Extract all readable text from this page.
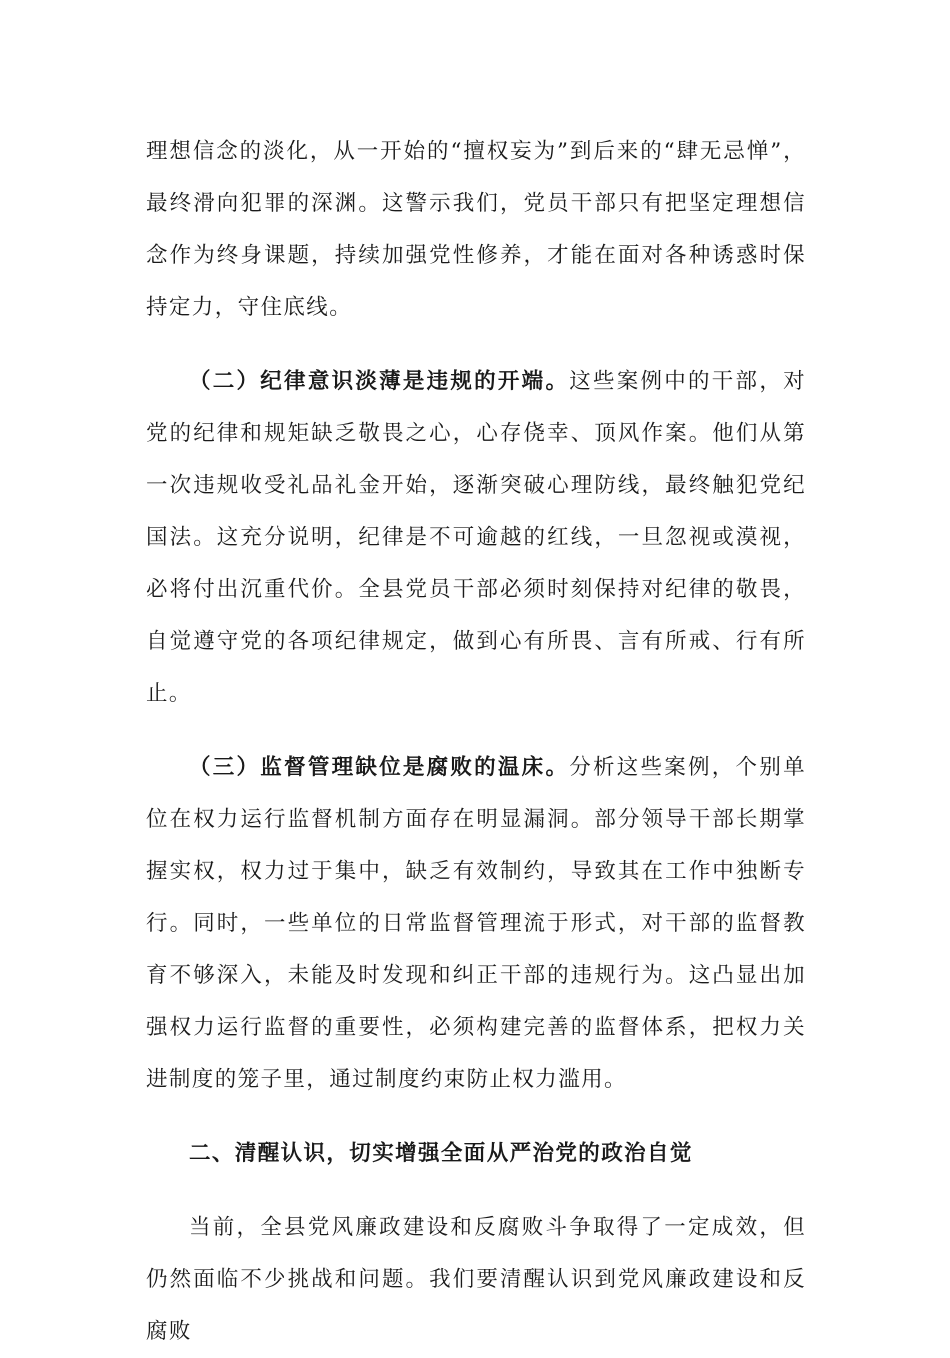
理想信念的淡化，从一开始的“擅权妄为”到后来的“肆无忌惮”，最终滑向犯罪的深渊。这警示我们，党员干部只有把坚定理想信念作为终身课题，持续加强党性修养，才能在面对各种诱惑时保持定力，守住底线。

（二）纪律意识淡薄是违规的开端。这些案例中的干部，对党的纪律和规矩缺乏敬畏之心，心存侥幸、顶风作案。他们从第一次违规收受礼品礼金开始，逐渐突破心理防线，最终触犯党纪国法。这充分说明，纪律是不可逾越的红线，一旦忽视或漠视，必将付出沉重代价。全县党员干部必须时刻保持对纪律的敬畏，自觉遵守党的各项纪律规定，做到心有所畏、言有所戒、行有所止。

（三）监督管理缺位是腐败的温床。分析这些案例，个别单位在权力运行监督机制方面存在明显漏洞。部分领导干部长期掌握实权，权力过于集中，缺乏有效制约，导致其在工作中独断专行。同时，一些单位的日常监督管理流于形式，对干部的监督教育不够深入，未能及时发现和纠正干部的违规行为。这凸显出加强权力运行监督的重要性，必须构建完善的监督体系，把权力关进制度的笼子里，通过制度约束防止权力滥用。

二、清醒认识，切实增强全面从严治党的政治自觉

当前，全县党风廉政建设和反腐败斗争取得了一定成效，但仍然面临不少挑战和问题。我们要清醒认识到党风廉政建设和反腐败
